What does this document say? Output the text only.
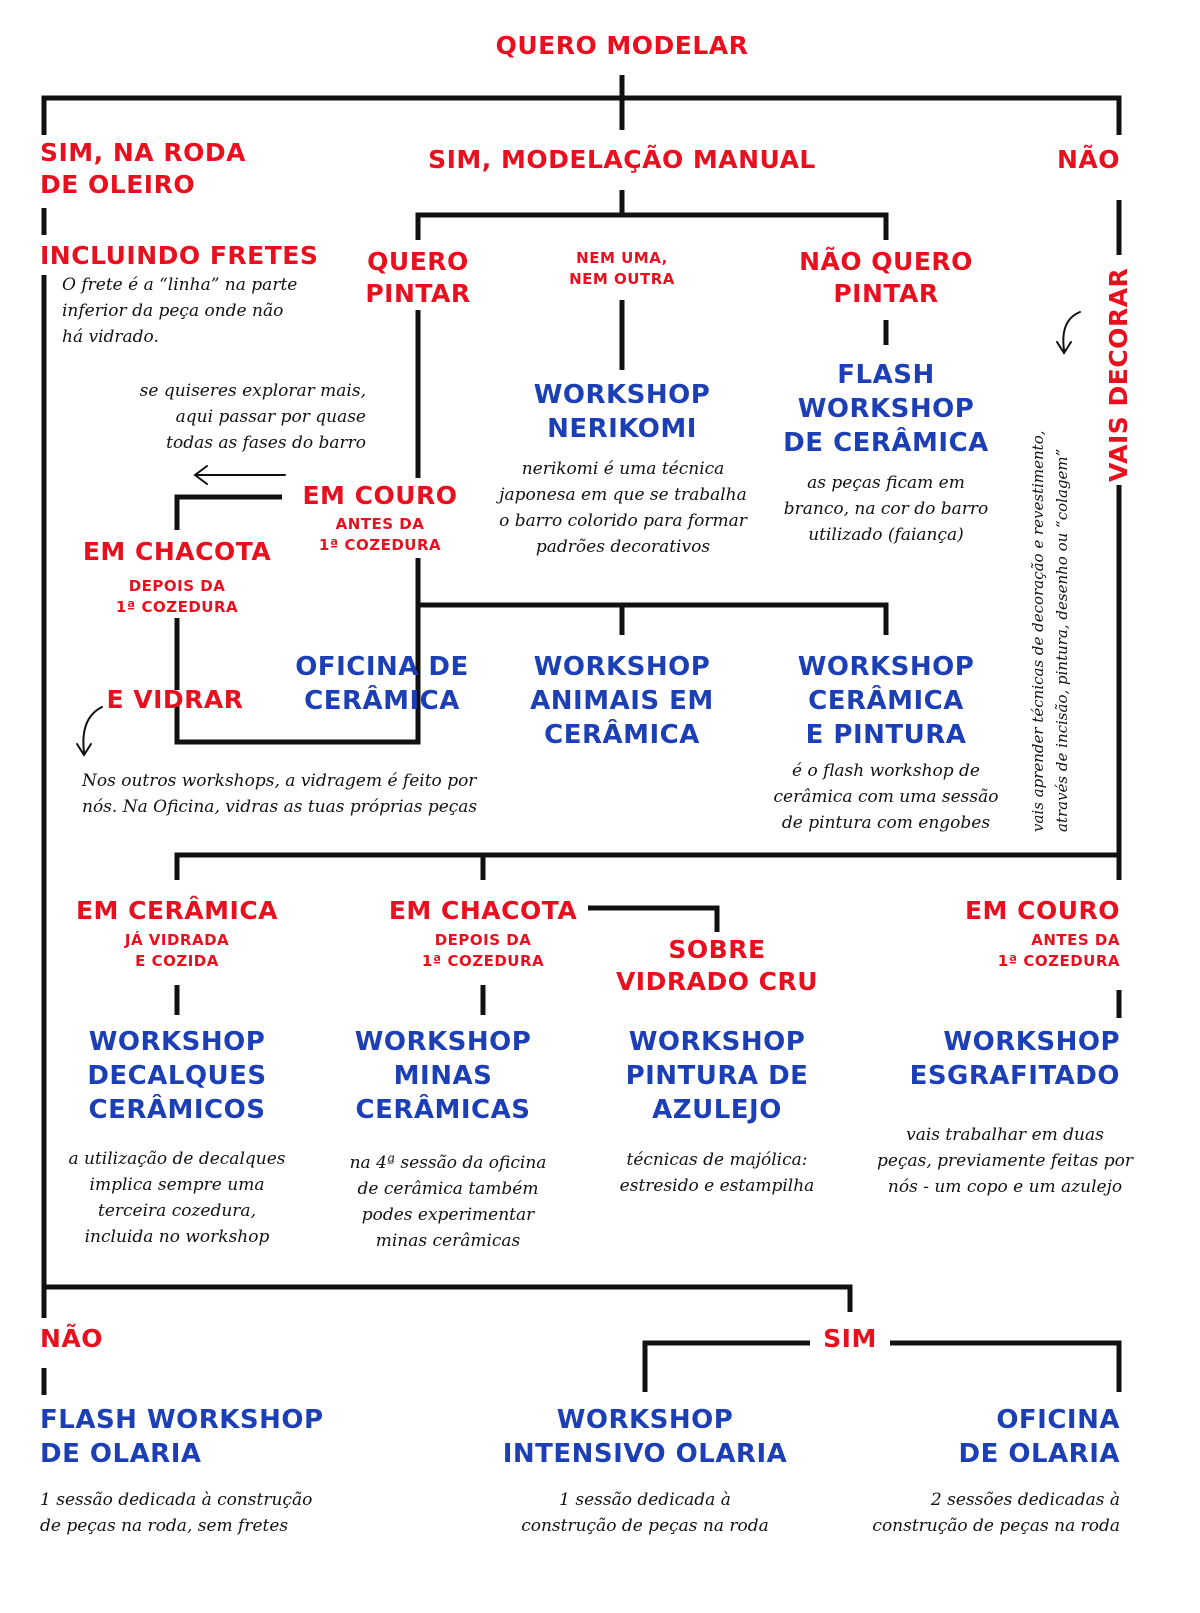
QUERO MODELAR
SIM, NA RODA
DE OLEIRO
SIM, MODELAÇÃO MANUAL	NÃO
INCLUINDO FRETES
O frete é a “linha” na parte
inferior da peça onde não
há vidrado.
QUERO
PINTAR
NEM UMA,
NEM OUTRA
NÃO QUERO
PINTAR
WORKSHOP
NERIKOMI
FLASH
WORKSHOP
DE CERÂMICA
nerikomi é uma técnica
japonesa em que se trabalha
o barro colorido para formar
padrões decorativos
as peças ficam em
branco, na cor do barro
utilizado (faiança)
se quiseres explorar mais,
aqui passar por quase
todas as fases do barro
EM COURO
ANTES DA
1ª COZEDURA
EM CHACOTA
DEPOIS DA
1ª COZEDURA
E VIDRAR
OFICINA DE
CERÂMICA
WORKSHOP
ANIMAIS EM
CERÂMICA
WORKSHOP
CERÂMICA
E PINTURA
é o flash workshop de
cerâmica com uma sessão
de pintura com engobes
Nos outros workshops, a vidragem é feito por
nós. Na Oficina, vidras as tuas próprias peças
VAIS DECORAR
vais aprender técnicas de decoração e revestimento,
através de incisão, pintura, desenho ou “colagem”
EM CERÂMICA
JÁ VIDRADA
E COZIDA
EM CHACOTA
DEPOIS DA
1ª COZEDURA	SOBRE
VIDRADO CRU
EM COURO
ANTES DA
1ª COZEDURA
WORKSHOP
DECALQUES
CERÂMICOS
WORKSHOP
MINAS
CERÂMICAS
WORKSHOP
PINTURA DE
AZULEJO
WORKSHOP
ESGRAFITADO
a utilização de decalques
implica sempre uma
terceira cozedura,
incluida no workshop
na 4ª sessão da oficina
de cerâmica também
podes experimentar
minas cerâmicas
técnicas de majólica:
estresido e estampilha
vais trabalhar em duas
peças, previamente feitas por
nós - um copo e um azulejo
NÃO	SIM
FLASH WORKSHOP
DE OLARIA
WORKSHOP
INTENSIVO OLARIA
OFICINA
DE OLARIA
1 sessão dedicada à construção
de peças na roda, sem fretes
1 sessão dedicada à
construção de peças na roda
2 sessões dedicadas à
construção de peças na roda
